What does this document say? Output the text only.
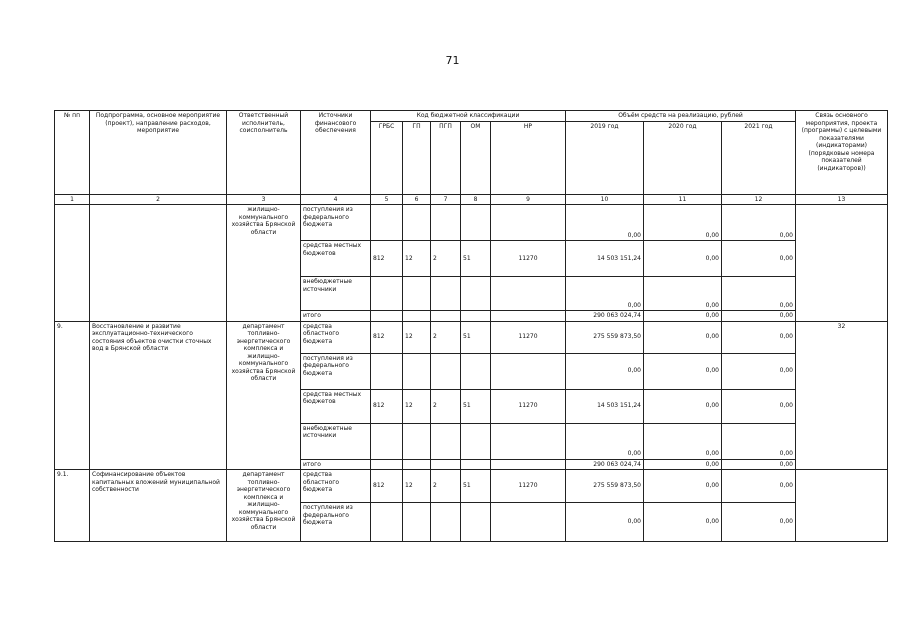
71
№ пп	Подпрограмма, основное мероприятие (проект), направление расходов, мероприятие	Ответственный исполнитель, соисполнитель	Источники финансового обеспечения	Код бюджетной классификации					Объём средств на реализацию, рублей			Связь основного мероприятия, проекта (программы) с целевыми показателями (индикаторами) (порядковые номера показателей (индикаторов))
				ГРБС	ГП	ПГП	ОМ	НР	2019 год	2020 год	2021 год	
1	2	3	4	5	6	7	8	9	10	11	12	13
		жилищно-коммунального хозяйства Брянской области	поступления из федерального бюджета						0,00	0,00	0,00	
			средства местных бюджетов	812	12	2	51	11270	14 503 151,24	0,00	0,00	
			внебюджетные источники						0,00	0,00	0,00	
			итого						290 063 024,74	0,00	0,00	
9.	Восстановление и развитие эксплуатационно-технического состояния объектов очистки сточных вод в Брянской области	департамент топливно-энергетического комплекса и жилищно-коммунального хозяйства Брянской области	средства областного бюджета	812	12	2	51	11270	275 559 873,50	0,00	0,00	32
			поступления из федерального бюджета						0,00	0,00	0,00	
			средства местных бюджетов	812	12	2	51	11270	14 503 151,24	0,00	0,00	
			внебюджетные источники						0,00	0,00	0,00	
			итого						290 063 024,74	0,00	0,00	
9.1.	Софинансирование объектов капитальных вложений муниципальной собственности	департамент топливно-энергетического комплекса и жилищно-коммунального хозяйства Брянской области	средства областного бюджета	812	12	2	51	11270	275 559 873,50	0,00	0,00	
			поступления из федерального бюджета						0,00	0,00	0,00	
